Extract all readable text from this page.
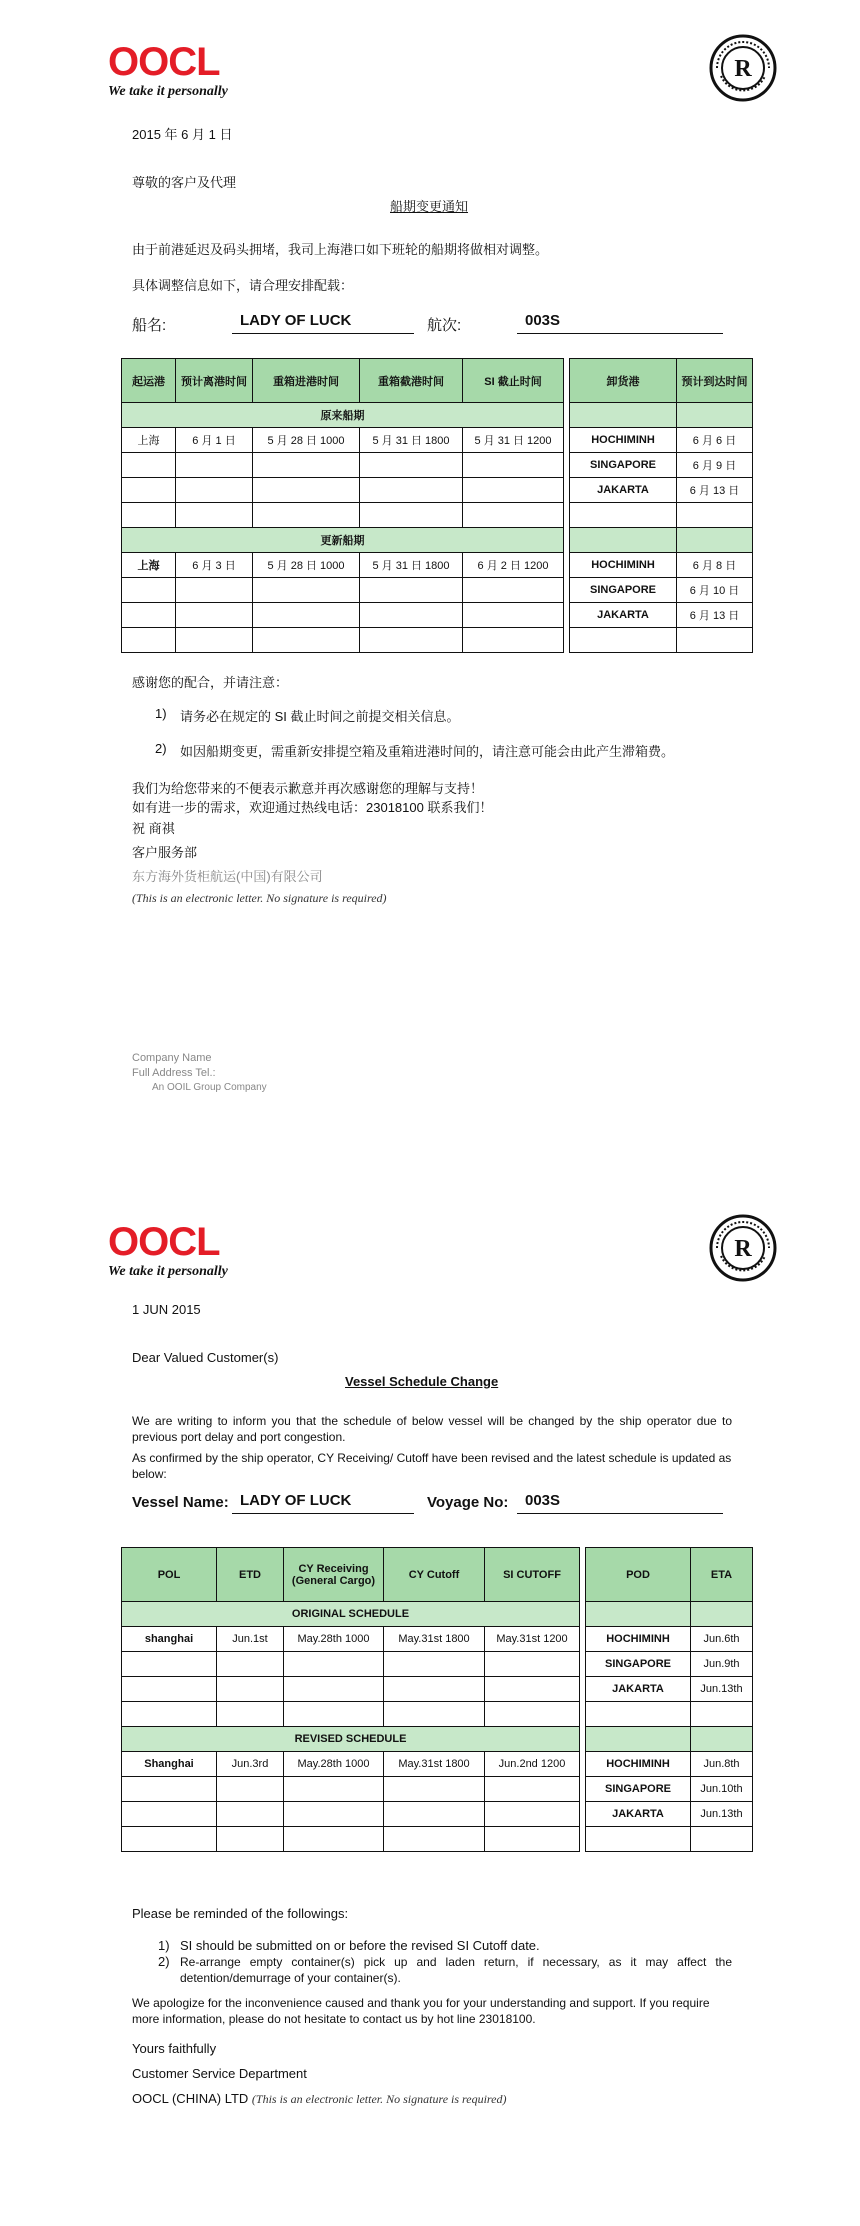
OOCL
We take it personally
R
2015 年 6 月 1 日
尊敬的客户及代理
船期变更通知
由于前港延迟及码头拥堵，我司上海港口如下班轮的船期将做相对调整。
具体调整信息如下，请合理安排配载：
船名:	LADY OF LUCK	航次:	003S
起运港	预计离港时间	重箱进港时间	重箱截港时间	SI 截止时间		卸货港	预计到达时间
原来船期							
上海	6 月 1 日	5 月 28 日 1000	5 月 31 日 1800	5 月 31 日 1200		HOCHIMINH	6 月 6 日
						SINGAPORE	6 月 9 日
						JAKARTA	6 月 13 日

更新船期							
上海	6 月 3 日	5 月 28 日 1000	5 月 31 日 1800	6 月 2 日 1200		HOCHIMINH	6 月 8 日
						SINGAPORE	6 月 10 日
						JAKARTA	6 月 13 日

感谢您的配合，并请注意：
1) 请务必在规定的 SI 截止时间之前提交相关信息。
2) 如因船期变更，需重新安排提空箱及重箱进港时间的，请注意可能会由此产生滞箱费。
我们为给您带来的不便表示歉意并再次感谢您的理解与支持！
如有进一步的需求，欢迎通过热线电话：23018100 联系我们！
祝 商祺
客户服务部
东方海外货柜航运(中国)有限公司
(This is an electronic letter. No signature is required)
Company Name
Full Address Tel.:
An OOIL Group Company
OOCL
We take it personally
R
1 JUN 2015
Dear Valued Customer(s)
Vessel Schedule Change
We are writing to inform you that the schedule of below vessel will be changed by the ship operator due to previous port delay and port congestion.
As confirmed by the ship operator, CY Receiving/ Cutoff have been revised and the latest schedule is updated as below:
Vessel Name: LADY OF LUCK	Voyage No:	003S
POL	ETD	CY Receiving (General Cargo)	CY Cutoff	SI CUTOFF		POD	ETA
ORIGINAL SCHEDULE							
shanghai	Jun.1st	May.28th 1000	May.31st 1800	May.31st 1200		HOCHIMINH	Jun.6th
						SINGAPORE	Jun.9th
						JAKARTA	Jun.13th

REVISED SCHEDULE							
Shanghai	Jun.3rd	May.28th 1000	May.31st 1800	Jun.2nd 1200		HOCHIMINH	Jun.8th
						SINGAPORE	Jun.10th
						JAKARTA	Jun.13th

Please be reminded of the followings:
1) SI should be submitted on or before the revised SI Cutoff date.
2) Re-arrange empty container(s) pick up and laden return, if necessary, as it may affect the detention/demurrage of your container(s).
We apologize for the inconvenience caused and thank you for your understanding and support. If you require more information, please do not hesitate to contact us by hot line 23018100.
Yours faithfully
Customer Service Department
OOCL (CHINA) LTD (This is an electronic letter. No signature is required)
